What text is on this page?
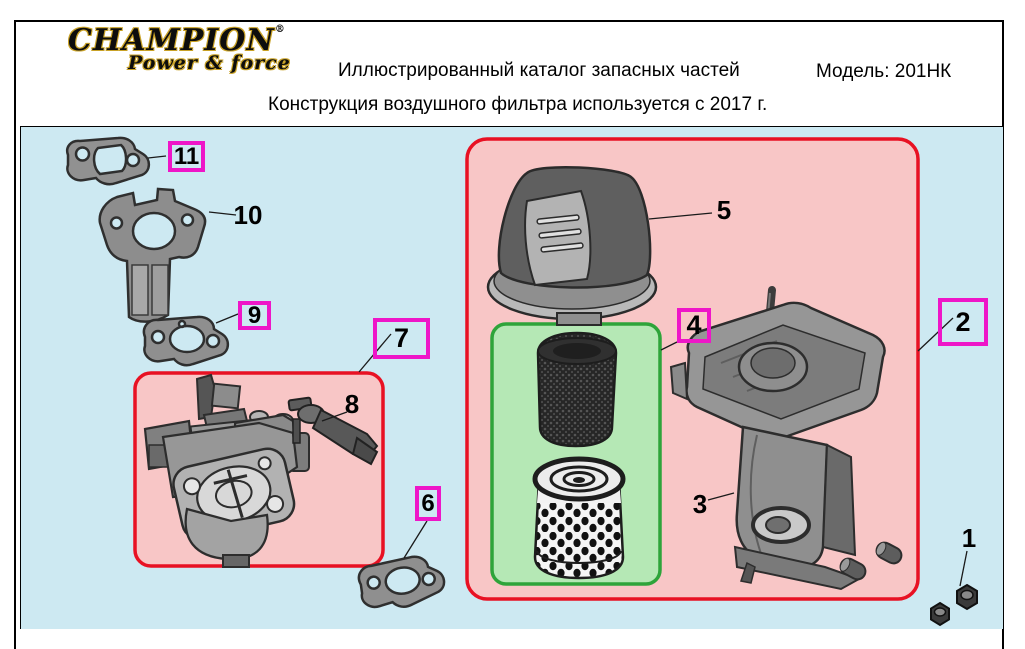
CHAMPION®
Power & force Иллюстрированный каталог запасных частей	Модель: 201НК
Конструкция воздушного фильтра используется с 2017 г.
1
2
3
4
5
6
7
8
9
10
11
